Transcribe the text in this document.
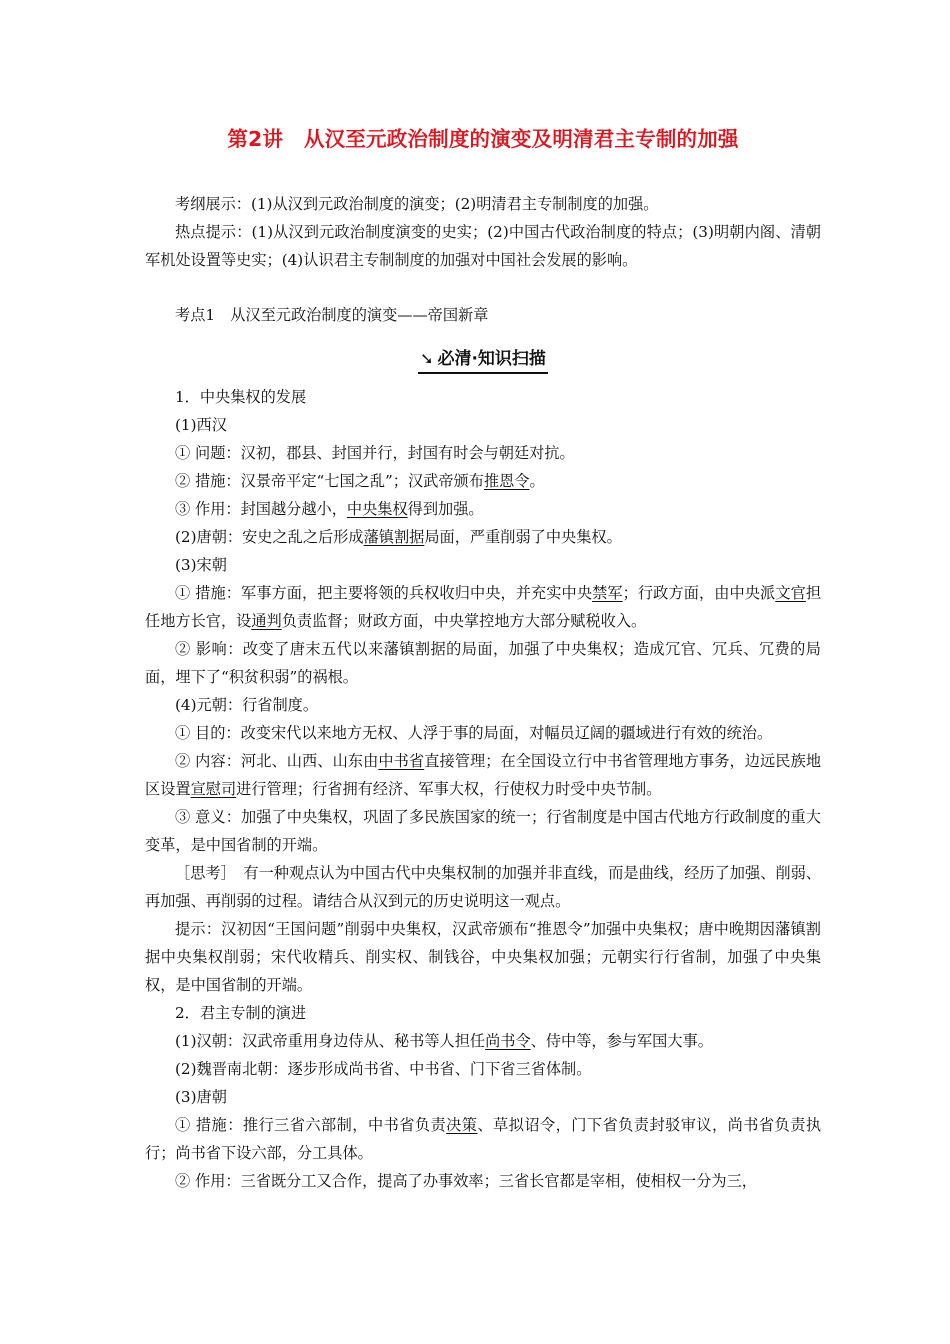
第2讲　从汉至元政治制度的演变及明清君主专制的加强

考纲展示：(1)从汉到元政治制度的演变；(2)明清君主专制制度的加强。

热点提示：(1)从汉到元政治制度演变的史实；(2)中国古代政治制度的特点；(3)明朝内阁、清朝军机处设置等史实；(4)认识君主专制制度的加强对中国社会发展的影响。

考点1　从汉至元政治制度的演变——帝国新章

➘ 必清·知识扫描

1．中央集权的发展

(1)西汉

① 问题：汉初，郡县、封国并行，封国有时会与朝廷对抗。

② 措施：汉景帝平定“七国之乱”；汉武帝颁布推恩令。

③ 作用：封国越分越小，中央集权得到加强。

(2)唐朝：安史之乱之后形成藩镇割据局面，严重削弱了中央集权。

(3)宋朝

① 措施：军事方面，把主要将领的兵权收归中央，并充实中央禁军；行政方面，由中央派文官担任地方长官，设通判负责监督；财政方面，中央掌控地方大部分赋税收入。

② 影响：改变了唐末五代以来藩镇割据的局面，加强了中央集权；造成冗官、冗兵、冗费的局面，埋下了“积贫积弱”的祸根。

(4)元朝：行省制度。

① 目的：改变宋代以来地方无权、人浮于事的局面，对幅员辽阔的疆域进行有效的统治。

② 内容：河北、山西、山东由中书省直接管理；在全国设立行中书省管理地方事务，边远民族地区设置宣慰司进行管理；行省拥有经济、军事大权，行使权力时受中央节制。

③ 意义：加强了中央集权，巩固了多民族国家的统一；行省制度是中国古代地方行政制度的重大变革，是中国省制的开端。

［思考］　有一种观点认为中国古代中央集权制的加强并非直线，而是曲线，经历了加强、削弱、再加强、再削弱的过程。请结合从汉到元的历史说明这一观点。

提示：汉初因“王国问题”削弱中央集权，汉武帝颁布“推恩令”加强中央集权；唐中晚期因藩镇割据中央集权削弱；宋代收精兵、削实权、制钱谷，中央集权加强；元朝实行行省制，加强了中央集权，是中国省制的开端。

2．君主专制的演进

(1)汉朝：汉武帝重用身边侍从、秘书等人担任尚书令、侍中等，参与军国大事。

(2)魏晋南北朝：逐步形成尚书省、中书省、门下省三省体制。

(3)唐朝

① 措施：推行三省六部制，中书省负责决策、草拟诏令，门下省负责封驳审议，尚书省负责执行；尚书省下设六部，分工具体。

② 作用：三省既分工又合作，提高了办事效率；三省长官都是宰相，使相权一分为三，
